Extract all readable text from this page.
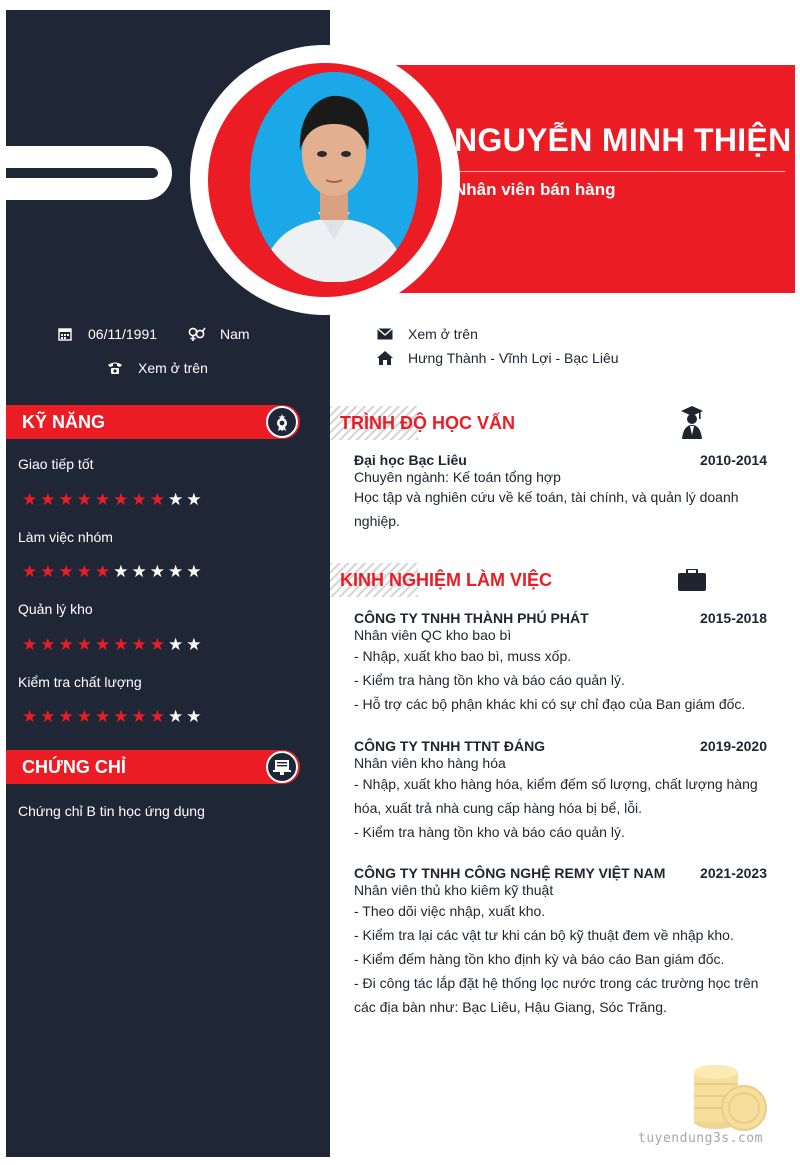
NGUYỄN MINH THIỆN
Nhân viên bán hàng
06/11/1991	Nam
Xem ở trên
Xem ở trên
Hưng Thành - Vĩnh Lợi - Bạc Liêu
KỸ NĂNG
Giao tiếp tốt
★ ★ ★ ★ ★ ★ ★ ★ ★ ★
Làm việc nhóm
★ ★ ★ ★ ★ ★ ★ ★ ★ ★
Quản lý kho
★ ★ ★ ★ ★ ★ ★ ★ ★ ★
Kiểm tra chất lượng
★ ★ ★ ★ ★ ★ ★ ★ ★ ★
CHỨNG CHỈ
Chứng chỉ B tin học ứng dụng
TRÌNH ĐỘ HỌC VẤN
Đại học Bạc Liêu	2010-2014
Chuyên ngành: Kế toán tổng hợp
Học tập và nghiên cứu về kế toán, tài chính, và quản lý doanh
nghiệp.
KINH NGHIỆM LÀM VIỆC
CÔNG TY TNHH THÀNH PHÚ PHÁT	2015-2018
Nhân viên QC kho bao bì
- Nhập, xuất kho bao bì, muss xốp.
- Kiểm tra hàng tồn kho và báo cáo quản lý.
- Hỗ trợ các bộ phận khác khi có sự chỉ đạo của Ban giám đốc.
CÔNG TY TNHH TTNT ĐÁNG	2019-2020
Nhân viên kho hàng hóa
- Nhập, xuất kho hàng hóa, kiểm đếm số lượng, chất lượng hàng
hóa, xuất trả nhà cung cấp hàng hóa bị bể, lỗi.
- Kiểm tra hàng tồn kho và báo cáo quản lý.
CÔNG TY TNHH CÔNG NGHỆ REMY VIỆT NAM 2021-2023
Nhân viên thủ kho kiêm kỹ thuật
- Theo dõi việc nhập, xuất kho.
- Kiểm tra lại các vật tư khi cán bộ kỹ thuật đem về nhập kho.
- Kiểm đếm hàng tồn kho định kỳ và báo cáo Ban giám đốc.
- Đi công tác lắp đặt hệ thống lọc nước trong các trường học trên
các địa bàn như: Bạc Liêu, Hậu Giang, Sóc Trăng.
tuyendung3s.com
